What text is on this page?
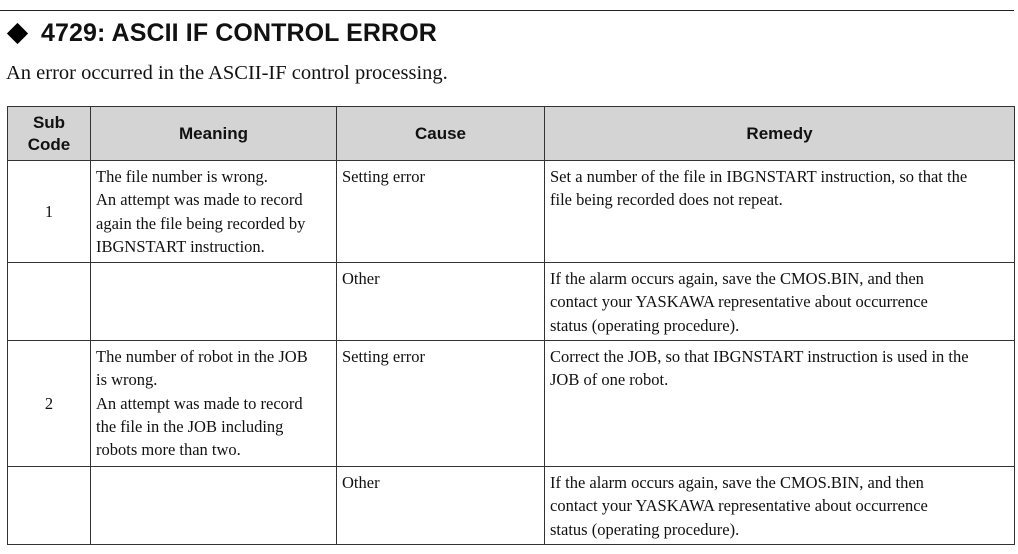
4729: ASCII IF CONTROL ERROR
An error occurred in the ASCII-IF control processing.
Sub
Code	Meaning	Cause	Remedy
1	The file number is wrong.
An attempt was made to record
again the file being recorded by
IBGNSTART instruction.	Setting error	Set a number of the file in IBGNSTART instruction, so that the
file being recorded does not repeat.

		Other	If the alarm occurs again, save the CMOS.BIN, and then
contact your YASKAWA representative about occurrence
status (operating procedure).

2	The number of robot in the JOB
is wrong.
An attempt was made to record
the file in the JOB including
robots more than two.	Setting error	Correct the JOB, so that IBGNSTART instruction is used in the
JOB of one robot.

		Other	If the alarm occurs again, save the CMOS.BIN, and then
contact your YASKAWA representative about occurrence
status (operating procedure).
